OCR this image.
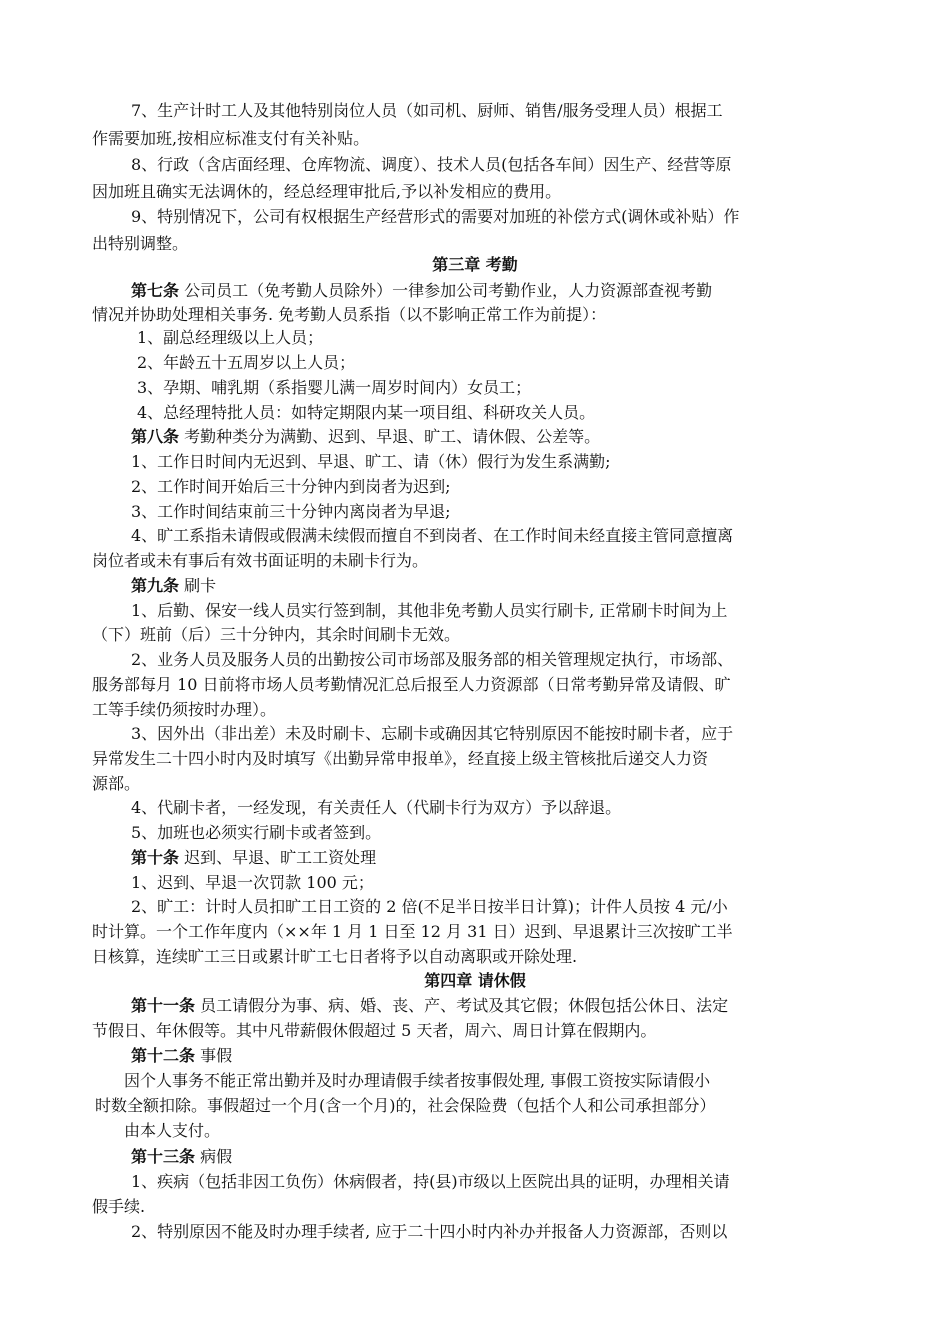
7、生产计时工人及其他特别岗位人员（如司机、厨师、销售/服务受理人员）根据工
作需要加班,按相应标准支付有关补贴。
8、行政（含店面经理、仓库物流、调度）、技术人员(包括各车间）因生产、经营等原
因加班且确实无法调休的，经总经理审批后,予以补发相应的费用。
9、特别情况下，公司有权根据生产经营形式的需要对加班的补偿方式(调休或补贴）作
出特别调整。
第三章 考勤
第七条 公司员工（免考勤人员除外）一律参加公司考勤作业，人力资源部查视考勤
情况并协助处理相关事务. 免考勤人员系指（以不影响正常工作为前提）：
1、副总经理级以上人员；
2、年龄五十五周岁以上人员；
3、孕期、哺乳期（系指婴儿满一周岁时间内）女员工；
4、总经理特批人员：如特定期限内某一项目组、科研攻关人员。
第八条 考勤种类分为满勤、迟到、早退、旷工、请休假、公差等。
1、工作日时间内无迟到、早退、旷工、请（休）假行为发生系满勤;
2、工作时间开始后三十分钟内到岗者为迟到;
3、工作时间结束前三十分钟内离岗者为早退;
4、旷工系指未请假或假满未续假而擅自不到岗者、在工作时间未经直接主管同意擅离
岗位者或未有事后有效书面证明的未刷卡行为。
第九条 刷卡
1、后勤、保安一线人员实行签到制，其他非免考勤人员实行刷卡, 正常刷卡时间为上
（下）班前（后）三十分钟内，其余时间刷卡无效。
2、业务人员及服务人员的出勤按公司市场部及服务部的相关管理规定执行，市场部、
服务部每月 10 日前将市场人员考勤情况汇总后报至人力资源部（日常考勤异常及请假、旷
工等手续仍须按时办理）。
3、因外出（非出差）未及时刷卡、忘刷卡或确因其它特别原因不能按时刷卡者，应于
异常发生二十四小时内及时填写《出勤异常申报单》，经直接上级主管核批后递交人力资
源部。
4、代刷卡者，一经发现，有关责任人（代刷卡行为双方）予以辞退。
5、加班也必须实行刷卡或者签到。
第十条 迟到、早退、旷工工资处理
1、迟到、早退一次罚款 100 元；
2、旷工：计时人员扣旷工日工资的 2 倍(不足半日按半日计算)；计件人员按 4 元/小
时计算。一个工作年度内（××年 1 月 1 日至 12 月 31 日）迟到、早退累计三次按旷工半
日核算，连续旷工三日或累计旷工七日者将予以自动离职或开除处理.
第四章 请休假
第十一条 员工请假分为事、病、婚、丧、产、考试及其它假；休假包括公休日、法定
节假日、年休假等。其中凡带薪假休假超过 5 天者，周六、周日计算在假期内。
第十二条 事假
因个人事务不能正常出勤并及时办理请假手续者按事假处理, 事假工资按实际请假小
时数全额扣除。事假超过一个月(含一个月)的，社会保险费（包括个人和公司承担部分）
由本人支付。
第十三条 病假
1、疾病（包括非因工负伤）休病假者，持(县)市级以上医院出具的证明，办理相关请
假手续.
2、特别原因不能及时办理手续者, 应于二十四小时内补办并报备人力资源部，否则以
